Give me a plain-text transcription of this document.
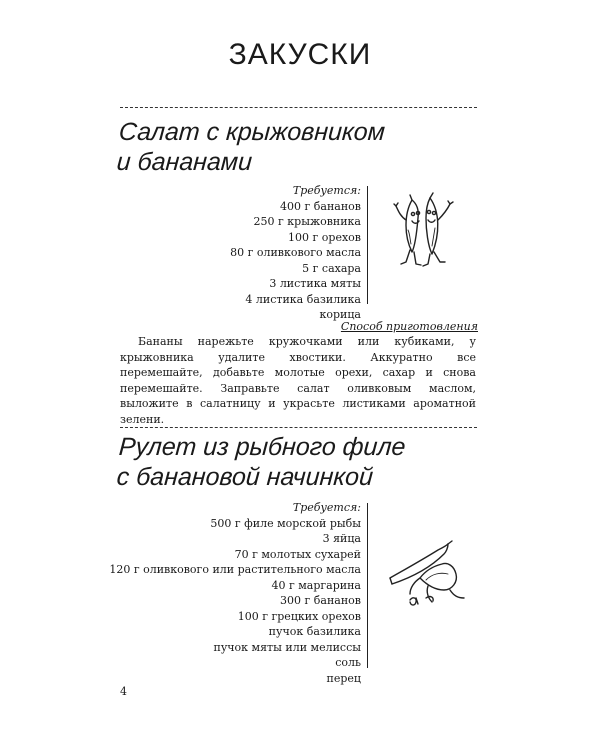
ЗАКУСКИ
Салат с крыжовником
и бананами
Требуется:
400 г бананов
250 г крыжовника
100 г орехов
80 г оливкового масла
5 г сахара
3 листика мяты
4 листика базилика
корица
Способ приготовления
Бананы нарежьте кружочками или кубиками, у крыжовника удалите хвостики. Аккуратно все перемешайте, добавьте молотые орехи, сахар и снова перемешайте. Заправьте салат оливковым маслом, выложите в салатницу и украсьте листиками ароматной зелени.
Рулет из рыбного филе
с банановой начинкой
Требуется:
500 г филе морской рыбы
3 яйца
70 г молотых сухарей
120 г оливкового или растительного масла
40 г маргарина
300 г бананов
100 г грецких орехов
пучок базилика
пучок мяты или мелиссы
соль
перец
4
